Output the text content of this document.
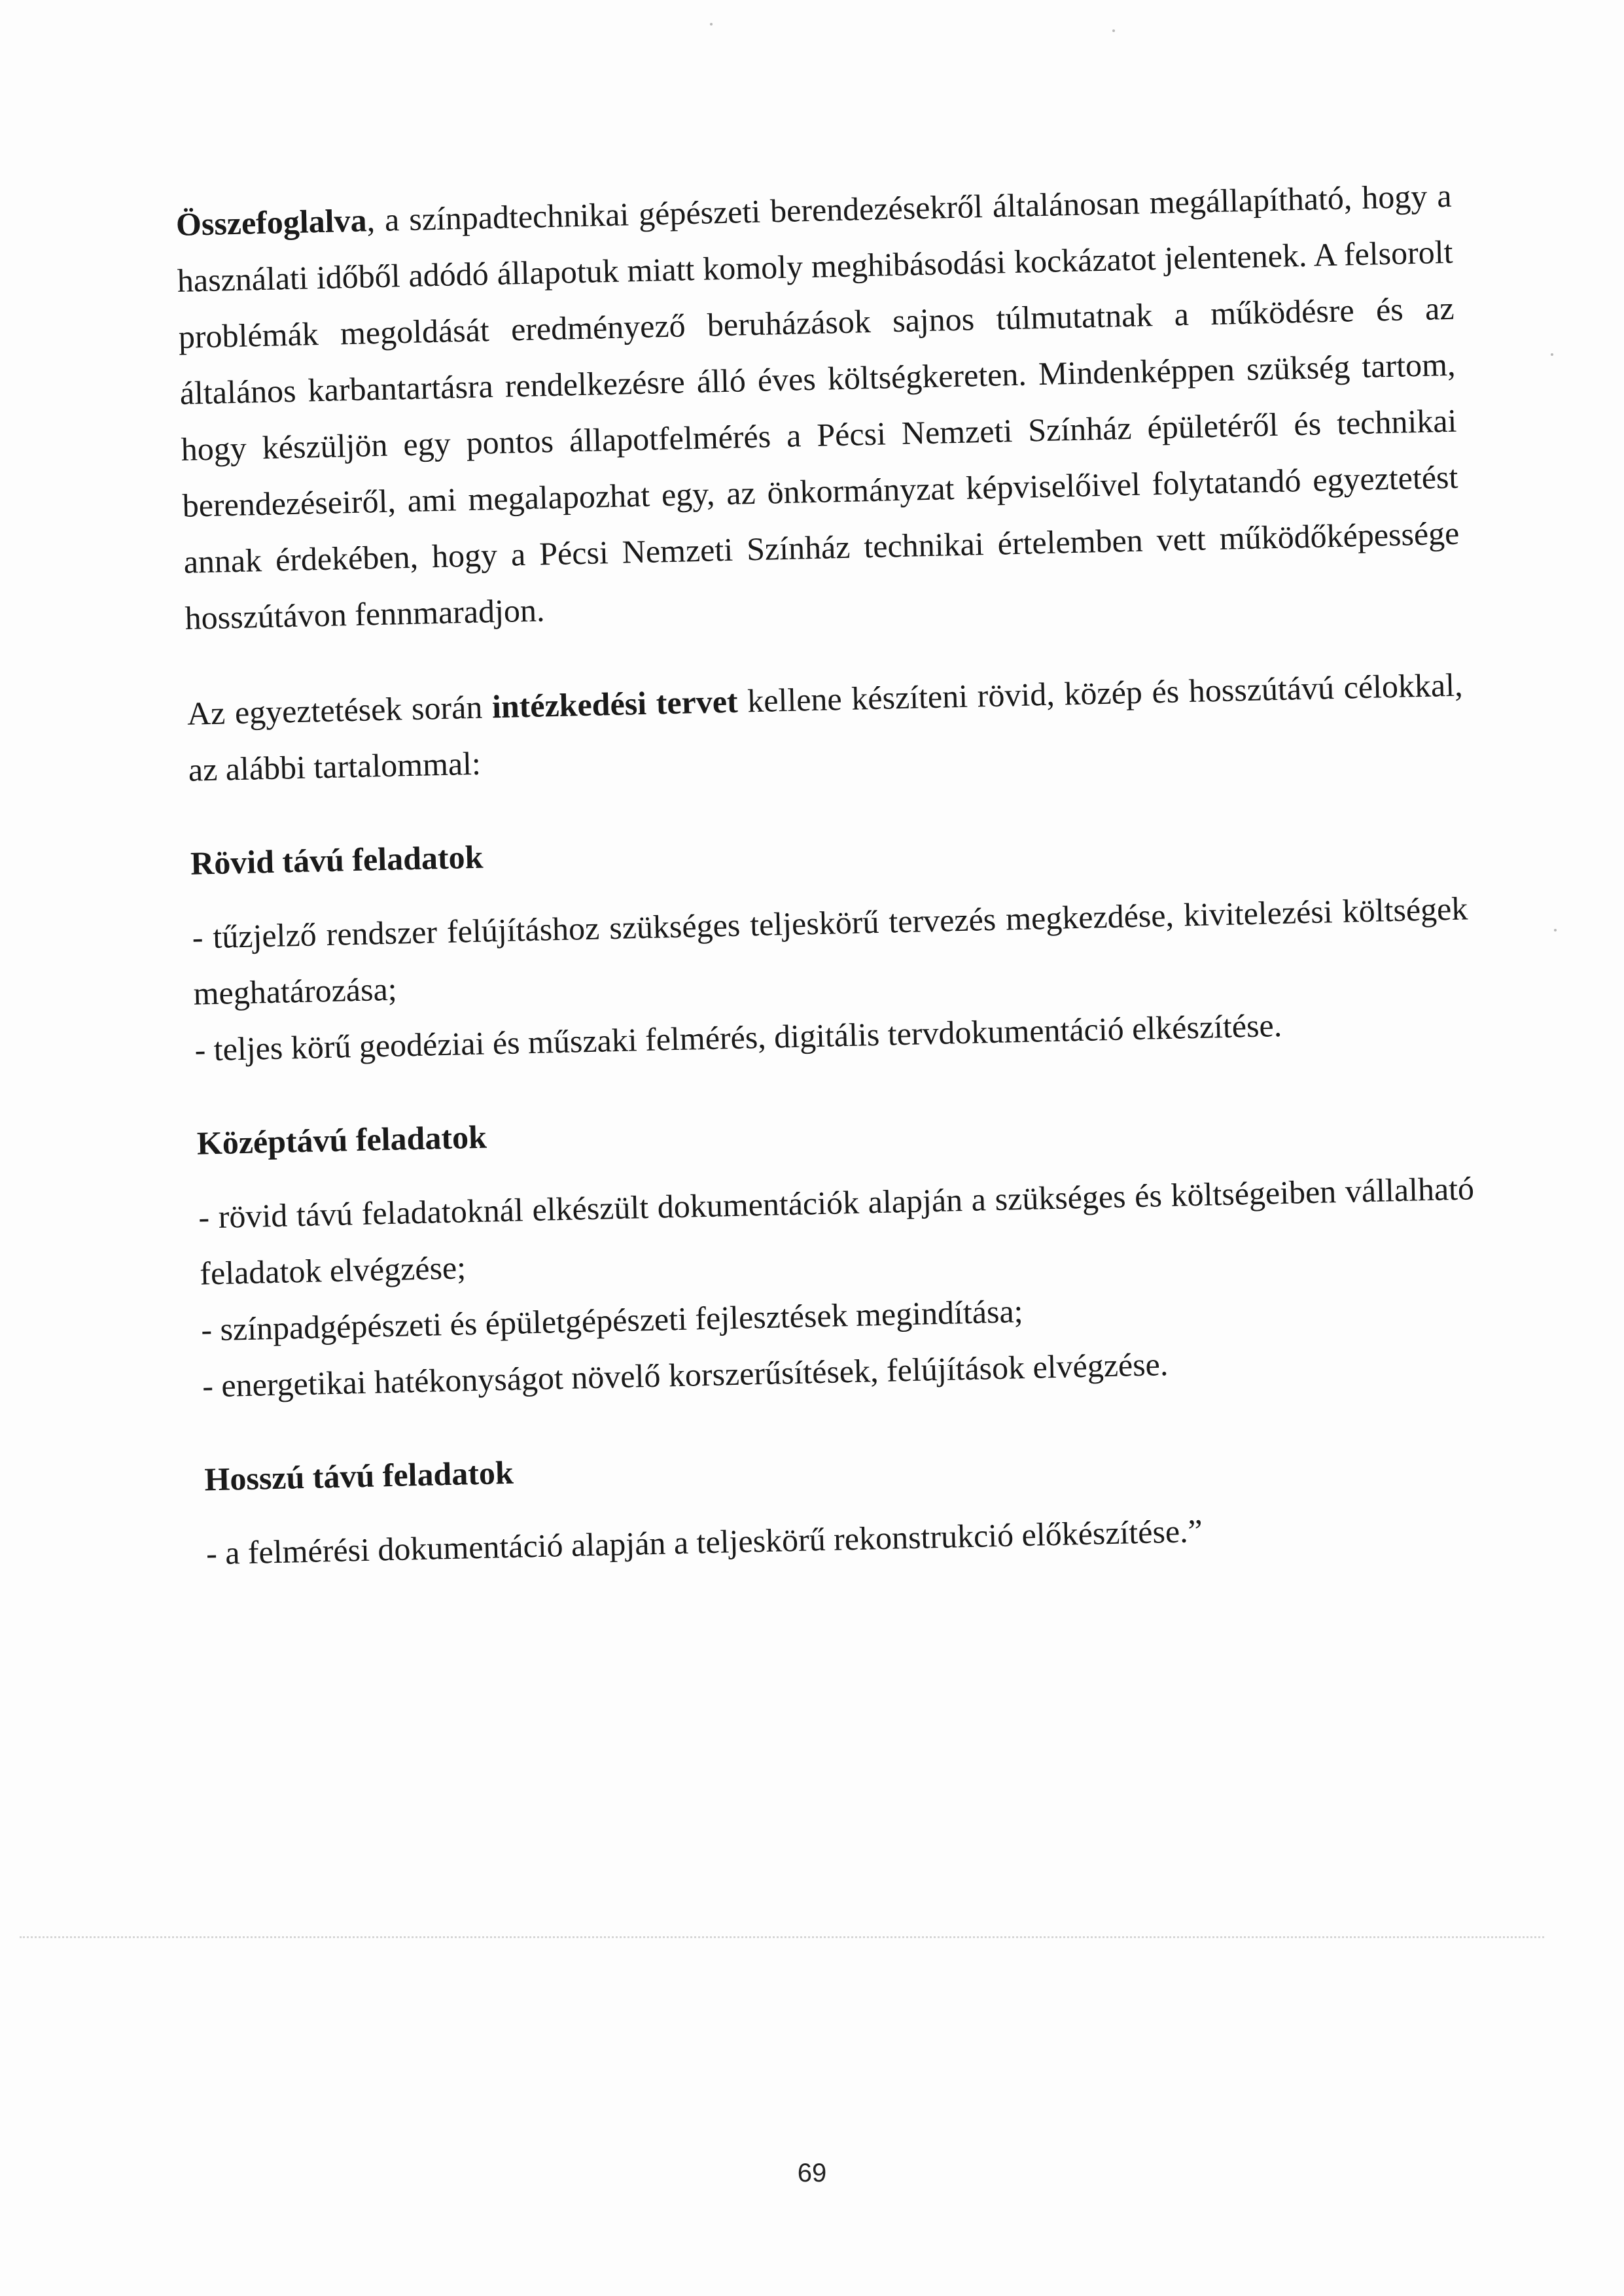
Összefoglalva, a színpadtechnikai gépészeti berendezésekről általánosan megállapítható, hogy a használati időből adódó állapotuk miatt komoly meghibásodási kockázatot jelentenek. A felsorolt problémák megoldását eredményező beruházások sajnos túlmutatnak a működésre és az általános karbantartásra rendelkezésre álló éves költségkereten. Mindenképpen szükség tartom, hogy készüljön egy pontos állapotfelmérés a Pécsi Nemzeti Színház épületéről és technikai berendezéseiről, ami megalapozhat egy, az önkormányzat képviselőivel folytatandó egyeztetést annak érdekében, hogy a Pécsi Nemzeti Színház technikai értelemben vett működőképessége hosszútávon fennmaradjon.

Az egyeztetések során intézkedési tervet kellene készíteni rövid, közép és hosszútávú célokkal, az alábbi tartalommal:

Rövid távú feladatok

- tűzjelző rendszer felújításhoz szükséges teljeskörű tervezés megkezdése, kivitelezési költségek meghatározása;

- teljes körű geodéziai és műszaki felmérés, digitális tervdokumentáció elkészítése.

Középtávú feladatok

- rövid távú feladatoknál elkészült dokumentációk alapján a szükséges és költségeiben vállalható feladatok elvégzése;

- színpadgépészeti és épületgépészeti fejlesztések megindítása;

- energetikai hatékonyságot növelő korszerűsítések, felújítások elvégzése.

Hosszú távú feladatok

- a felmérési dokumentáció alapján a teljeskörű rekonstrukció előkészítése.”

69
